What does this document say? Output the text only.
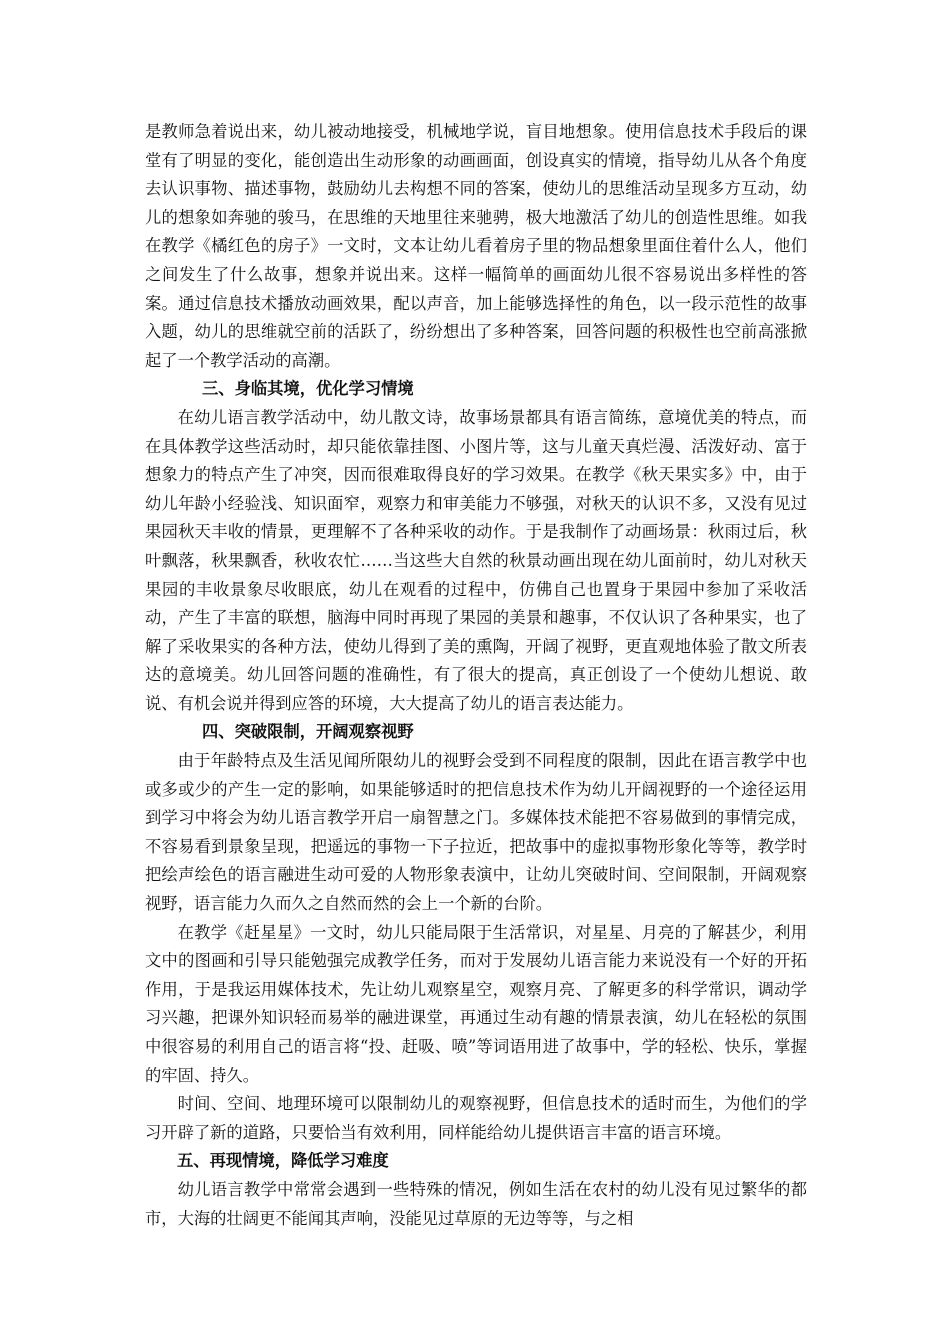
是教师急着说出来，幼儿被动地接受，机械地学说，盲目地想象。使用信息技术手段后的课堂有了明显的变化，能创造出生动形象的动画画面，创设真实的情境，指导幼儿从各个角度去认识事物、描述事物，鼓励幼儿去构想不同的答案，使幼儿的思维活动呈现多方互动，幼儿的想象如奔驰的骏马，在思维的天地里往来驰骋，极大地激活了幼儿的创造性思维。如我在教学《橘红色的房子》一文时，文本让幼儿看着房子里的物品想象里面住着什么人，他们之间发生了什么故事，想象并说出来。这样一幅简单的画面幼儿很不容易说出多样性的答案。通过信息技术播放动画效果，配以声音，加上能够选择性的角色，以一段示范性的故事入题，幼儿的思维就空前的活跃了，纷纷想出了多种答案，回答问题的积极性也空前高涨掀起了一个教学活动的高潮。

三、身临其境，优化学习情境

在幼儿语言教学活动中，幼儿散文诗，故事场景都具有语言简练，意境优美的特点，而在具体教学这些活动时，却只能依靠挂图、小图片等，这与儿童天真烂漫、活泼好动、富于想象力的特点产生了冲突，因而很难取得良好的学习效果。在教学《秋天果实多》中，由于幼儿年龄小经验浅、知识面窄，观察力和审美能力不够强，对秋天的认识不多，又没有见过果园秋天丰收的情景，更理解不了各种采收的动作。于是我制作了动画场景：秋雨过后，秋叶飘落，秋果飘香，秋收农忙……当这些大自然的秋景动画出现在幼儿面前时，幼儿对秋天果园的丰收景象尽收眼底，幼儿在观看的过程中，仿佛自己也置身于果园中参加了采收活动，产生了丰富的联想，脑海中同时再现了果园的美景和趣事，不仅认识了各种果实，也了解了采收果实的各种方法，使幼儿得到了美的熏陶，开阔了视野，更直观地体验了散文所表达的意境美。幼儿回答问题的准确性，有了很大的提高，真正创设了一个使幼儿想说、敢说、有机会说并得到应答的环境，大大提高了幼儿的语言表达能力。

四、突破限制，开阔观察视野

由于年龄特点及生活见闻所限幼儿的视野会受到不同程度的限制，因此在语言教学中也或多或少的产生一定的影响，如果能够适时的把信息技术作为幼儿开阔视野的一个途径运用到学习中将会为幼儿语言教学开启一扇智慧之门。多媒体技术能把不容易做到的事情完成，不容易看到景象呈现，把遥远的事物一下子拉近，把故事中的虚拟事物形象化等等，教学时把绘声绘色的语言融进生动可爱的人物形象表演中，让幼儿突破时间、空间限制，开阔观察视野，语言能力久而久之自然而然的会上一个新的台阶。

在教学《赶星星》一文时，幼儿只能局限于生活常识，对星星、月亮的了解甚少，利用文中的图画和引导只能勉强完成教学任务，而对于发展幼儿语言能力来说没有一个好的开拓作用，于是我运用媒体技术，先让幼儿观察星空，观察月亮、了解更多的科学常识，调动学习兴趣，把课外知识轻而易举的融进课堂，再通过生动有趣的情景表演，幼儿在轻松的氛围中很容易的利用自己的语言将“投、赶吸、喷”等词语用进了故事中，学的轻松、快乐，掌握的牢固、持久。

时间、空间、地理环境可以限制幼儿的观察视野，但信息技术的适时而生，为他们的学习开辟了新的道路，只要恰当有效利用，同样能给幼儿提供语言丰富的语言环境。

五、再现情境，降低学习难度

幼儿语言教学中常常会遇到一些特殊的情况，例如生活在农村的幼儿没有见过繁华的都市，大海的壮阔更不能闻其声响，没能见过草原的无边等等，与之相
